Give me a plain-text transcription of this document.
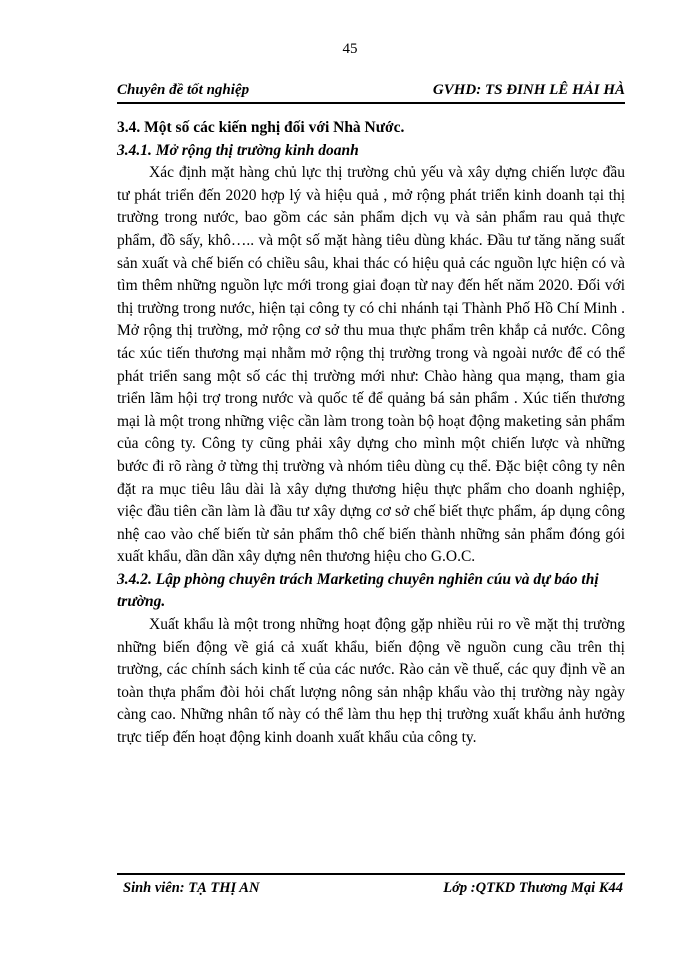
45
Chuyên đề tốt nghiệp	GVHD: TS ĐINH LÊ HẢI HÀ

3.4. Một số các kiến nghị đối với Nhà Nước.

3.4.1. Mở rộng thị trường kinh doanh

Xác định mặt hàng chủ lực thị trường chủ yếu và xây dựng chiến lược đầu tư phát triển đến 2020 hợp lý và hiệu quả , mở rộng phát triển kinh doanh tại thị trường trong nước, bao gồm các sản phẩm dịch vụ và sản phẩm rau quả thực phẩm, đồ sấy, khô….. và một số mặt hàng tiêu dùng khác. Đầu tư tăng năng suất sản xuất và chế biến có chiều sâu, khai thác có hiệu quả các nguồn lực hiện có và tìm thêm những nguồn lực mới trong giai đoạn từ nay đến hết năm 2020. Đối với thị trường trong nước, hiện tại công ty có chi nhánh tại Thành Phố Hồ Chí Minh . Mở rộng thị trường, mở rộng cơ sở thu mua thực phẩm trên khắp cả nước. Công tác xúc tiến thương mại nhằm mở rộng thị trường trong và ngoài nước để có thể phát triển sang một số các thị trường mới như: Chào hàng qua mạng, tham gia triển lãm hội trợ trong nước và quốc tế để quảng bá sản phẩm . Xúc tiến thương mại là một trong những việc cần làm trong toàn bộ hoạt động maketing sản phẩm của công ty. Công ty cũng phải xây dựng cho mình một chiến lược và những bước đi rõ ràng ở từng thị trường và nhóm tiêu dùng cụ thể. Đặc biệt công ty nên đặt ra mục tiêu lâu dài là xây dựng thương hiệu thực phẩm cho doanh nghiệp, việc đầu tiên cần làm là đầu tư xây dựng cơ sở chế biết thực phẩm, áp dụng công nhệ cao vào chế biến từ sản phẩm thô chế biến thành những sản phẩm đóng gói xuất khẩu, dần dần xây dựng nên thương hiệu cho G.O.C.

3.4.2. Lập phòng chuyên trách Marketing chuyên nghiên cúu và dự báo thị trường.

Xuất khẩu là một trong những hoạt động gặp nhiều rủi ro về mặt thị trường những biến động về giá cả xuất khẩu, biến động về nguồn cung cầu trên thị trường, các chính sách kinh tế của các nước. Rào cản về thuế, các quy định về an toàn thựa phẩm đòi hỏi chất lượng nông sản nhập khẩu vào thị trường này ngày càng cao. Những nhân tố này có thể làm thu hẹp thị trường xuất khẩu ảnh hưởng trực tiếp đến hoạt động kinh doanh xuất khẩu của công ty.

Sinh viên: TẠ THỊ AN	Lớp :QTKD Thương Mại K44
